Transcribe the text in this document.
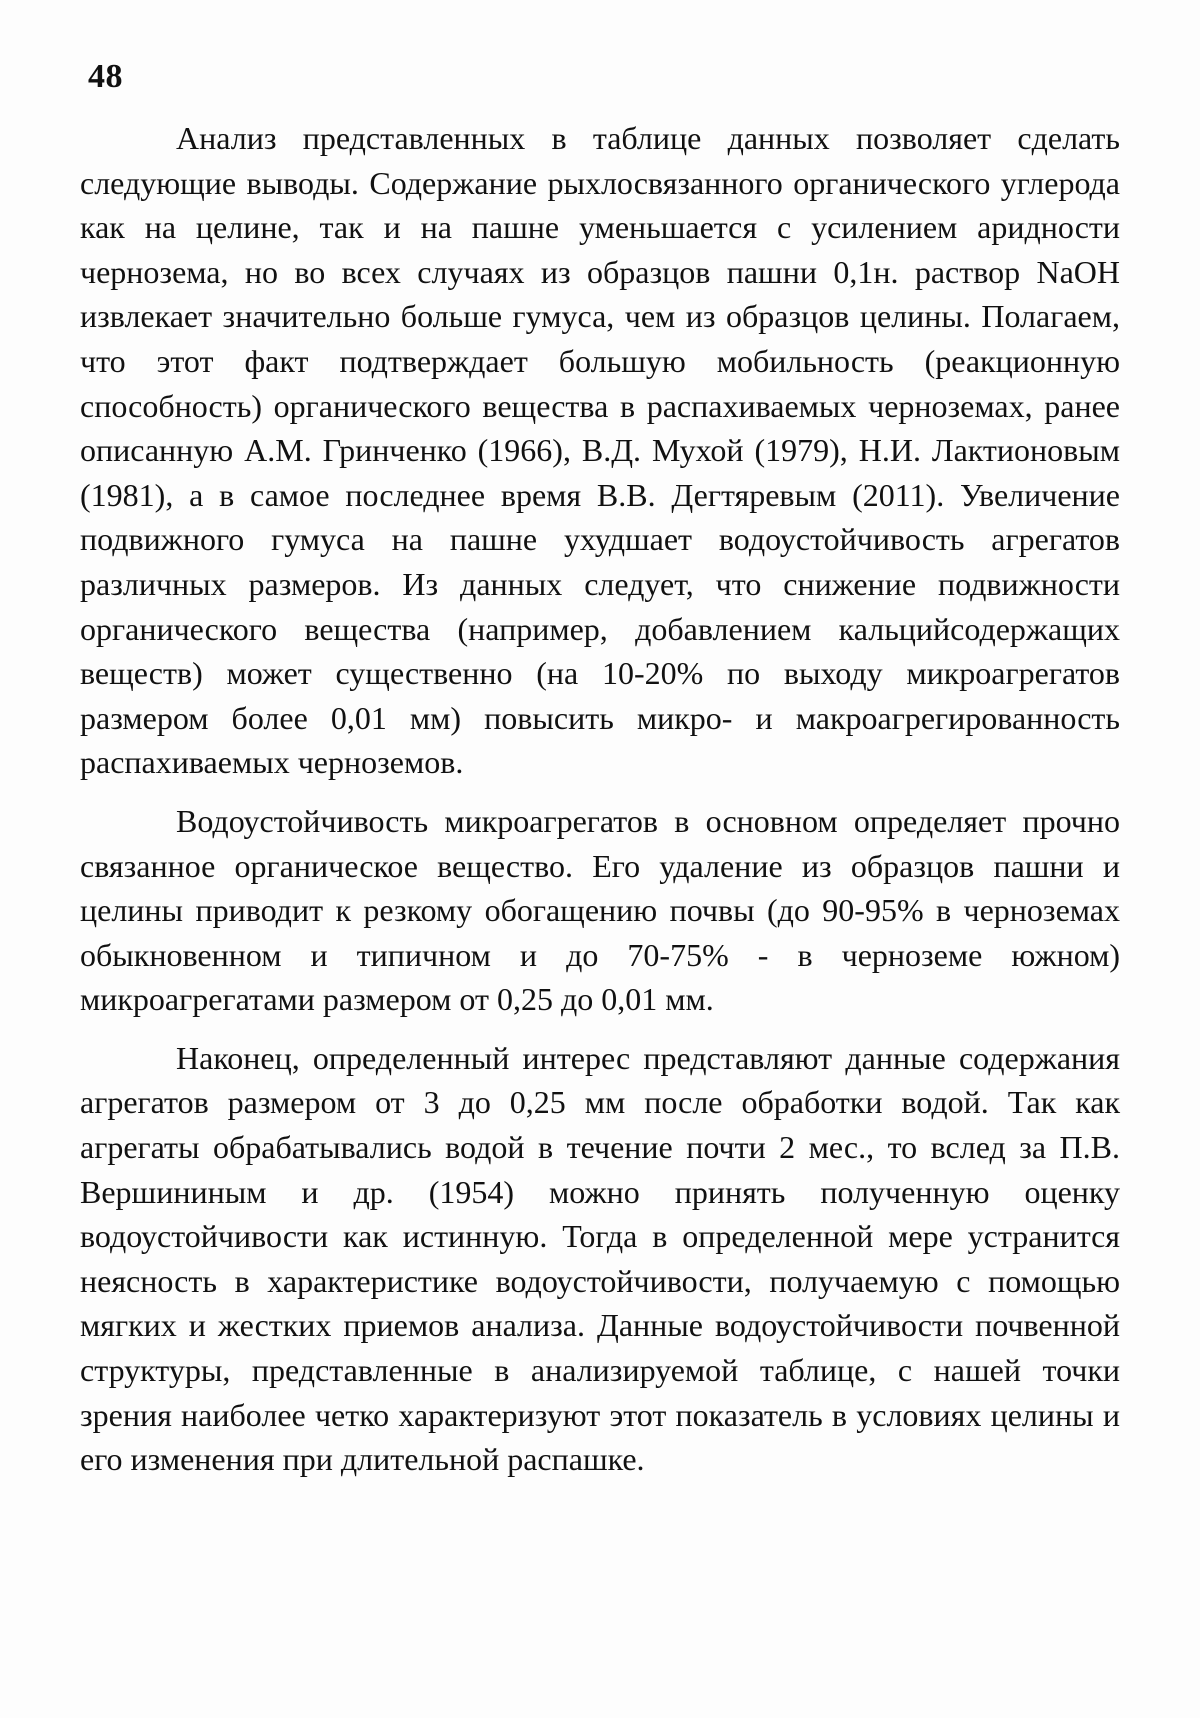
48

Анализ представленных в таблице данных позволяет сделать следующие выводы. Содержание рыхлосвязанного органического углерода как на целине, так и на пашне уменьшается с усилением аридности чернозема, но во всех случаях из образцов пашни 0,1н. раствор NaOH извлекает значительно больше гумуса, чем из образцов целины. Полагаем, что этот факт подтверждает большую мобильность (реакционную способность) органического вещества в распахиваемых черноземах, ранее описанную А.М. Гринченко (1966), В.Д. Мухой (1979), Н.И. Лактионовым (1981), а в самое последнее время В.В. Дегтяревым (2011). Увеличение подвижного гумуса на пашне ухудшает водоустойчивость агрегатов различных размеров. Из данных следует, что снижение подвижности органического вещества (например, добавлением кальцийсодержащих веществ) может существенно (на 10-20% по выходу микроагрегатов размером более 0,01 мм) повысить микро- и макроагрегированность распахиваемых черноземов.

Водоустойчивость микроагрегатов в основном определяет прочно связанное органическое вещество. Его удаление из образцов пашни и целины приводит к резкому обогащению почвы (до 90-95% в черноземах обыкновенном и типичном и до 70-75% - в черноземе южном) микроагрегатами размером от 0,25 до 0,01 мм.

Наконец, определенный интерес представляют данные содержания агрегатов размером от 3 до 0,25 мм после обработки водой. Так как агрегаты обрабатывались водой в течение почти 2 мес., то вслед за П.В. Вершининым и др. (1954) можно принять полученную оценку водоустойчивости как истинную. Тогда в определенной мере устранится неясность в характеристике водоустойчивости, получаемую с помощью мягких и жестких приемов анализа. Данные водоустойчивости почвенной структуры, представленные в анализируемой таблице, с нашей точки зрения наиболее четко характеризуют этот показатель в условиях целины и его изменения при длительной распашке.
